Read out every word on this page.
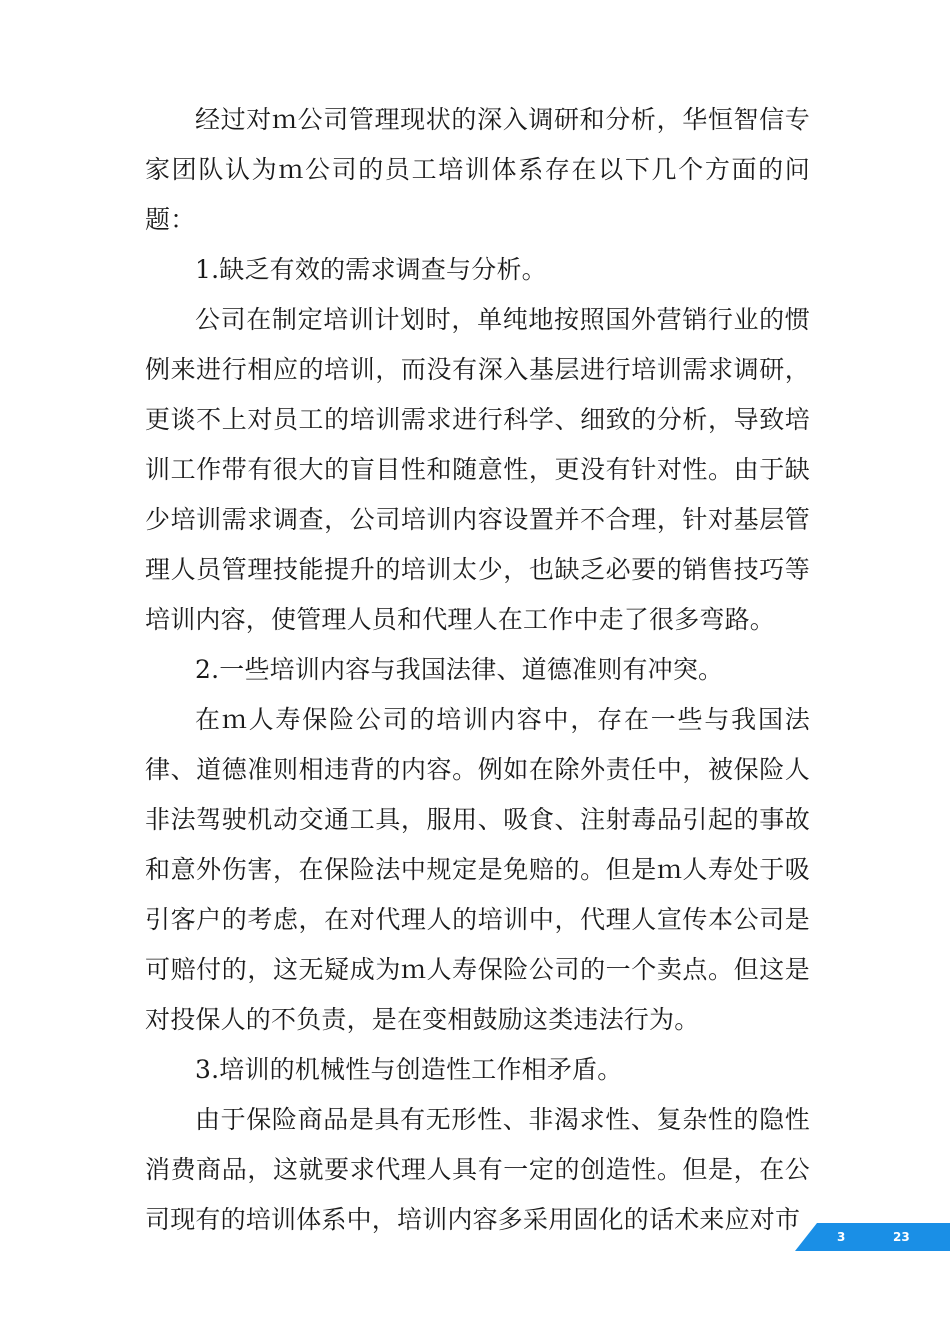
经过对ｍ公司管理现状的深入调研和分析，华恒智信专家团队认为ｍ公司的员工培训体系存在以下几个方面的问题：

1.缺乏有效的需求调查与分析。

公司在制定培训计划时，单纯地按照国外营销行业的惯例来进行相应的培训，而没有深入基层进行培训需求调研，更谈不上对员工的培训需求进行科学、细致的分析，导致培训工作带有很大的盲目性和随意性，更没有针对性。由于缺少培训需求调查，公司培训内容设置并不合理，针对基层管理人员管理技能提升的培训太少，也缺乏必要的销售技巧等培训内容，使管理人员和代理人在工作中走了很多弯路。

2.一些培训内容与我国法律、道德准则有冲突。

在ｍ人寿保险公司的培训内容中，存在一些与我国法律、道德准则相违背的内容。例如在除外责任中，被保险人非法驾驶机动交通工具，服用、吸食、注射毒品引起的事故和意外伤害，在保险法中规定是免赔的。但是ｍ人寿处于吸引客户的考虑，在对代理人的培训中，代理人宣传本公司是可赔付的，这无疑成为ｍ人寿保险公司的一个卖点。但这是对投保人的不负责，是在变相鼓励这类违法行为。

3.培训的机械性与创造性工作相矛盾。

由于保险商品是具有无形性、非渴求性、复杂性的隐性消费商品，这就要求代理人具有一定的创造性。但是，在公司现有的培训体系中，培训内容多采用固化的话术来应对市

3	23
